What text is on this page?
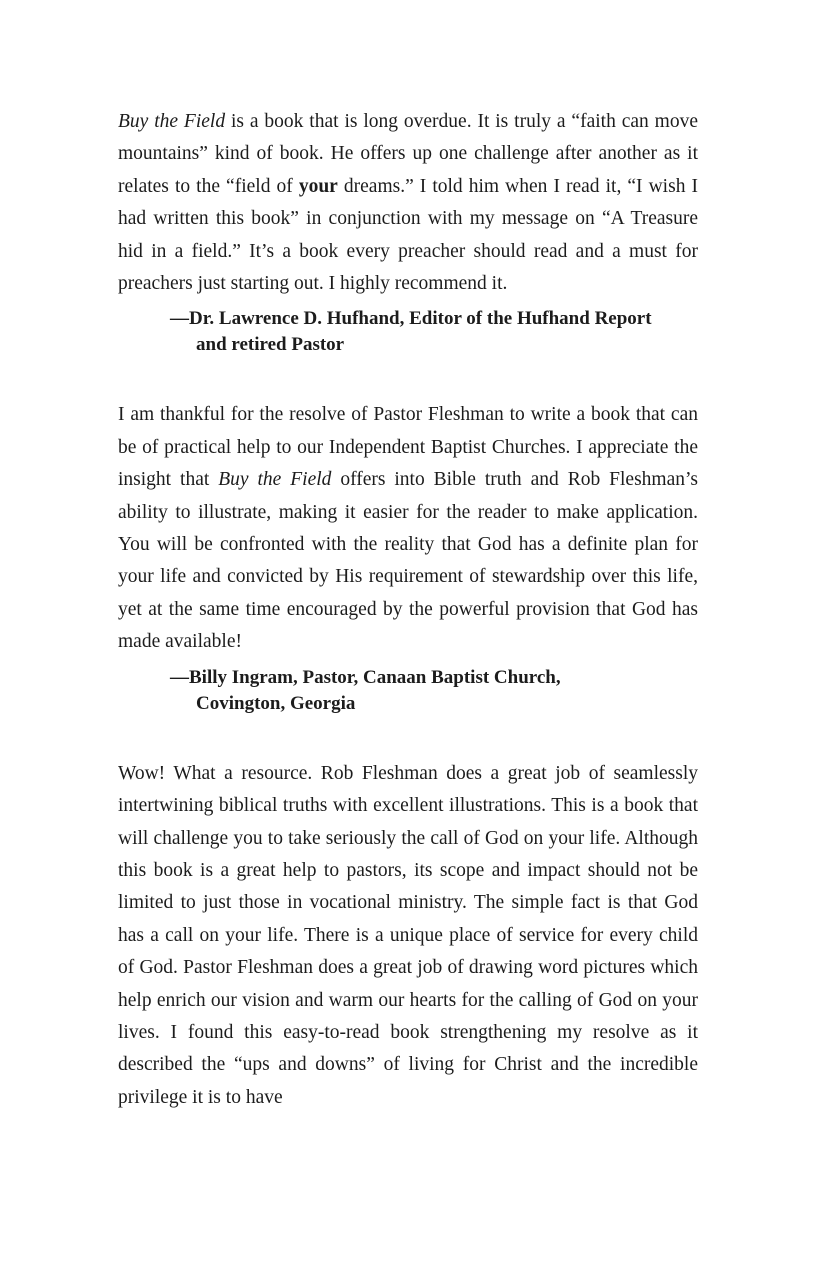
Buy the Field is a book that is long overdue. It is truly a “faith can move mountains” kind of book. He offers up one challenge after another as it relates to the “field of your dreams.” I told him when I read it, “I wish I had written this book” in conjunction with my message on “A Treasure hid in a field.” It’s a book every preacher should read and a must for preachers just starting out. I highly recommend it.

—Dr. Lawrence D. Hufhand, Editor of the Hufhand Report
and retired Pastor

I am thankful for the resolve of Pastor Fleshman to write a book that can be of practical help to our Independent Baptist Churches. I appreciate the insight that Buy the Field offers into Bible truth and Rob Fleshman’s ability to illustrate, making it easier for the reader to make application. You will be confronted with the reality that God has a definite plan for your life and convicted by His requirement of stewardship over this life, yet at the same time encouraged by the powerful provision that God has made available!

—Billy Ingram, Pastor, Canaan Baptist Church,
Covington, Georgia

Wow! What a resource. Rob Fleshman does a great job of seamlessly intertwining biblical truths with excellent illustrations. This is a book that will challenge you to take seriously the call of God on your life. Although this book is a great help to pastors, its scope and impact should not be limited to just those in vocational ministry. The simple fact is that God has a call on your life. There is a unique place of service for every child of God. Pastor Fleshman does a great job of drawing word pictures which help enrich our vision and warm our hearts for the calling of God on your lives. I found this easy-to-read book strengthening my resolve as it described the “ups and downs” of living for Christ and the incredible privilege it is to have
